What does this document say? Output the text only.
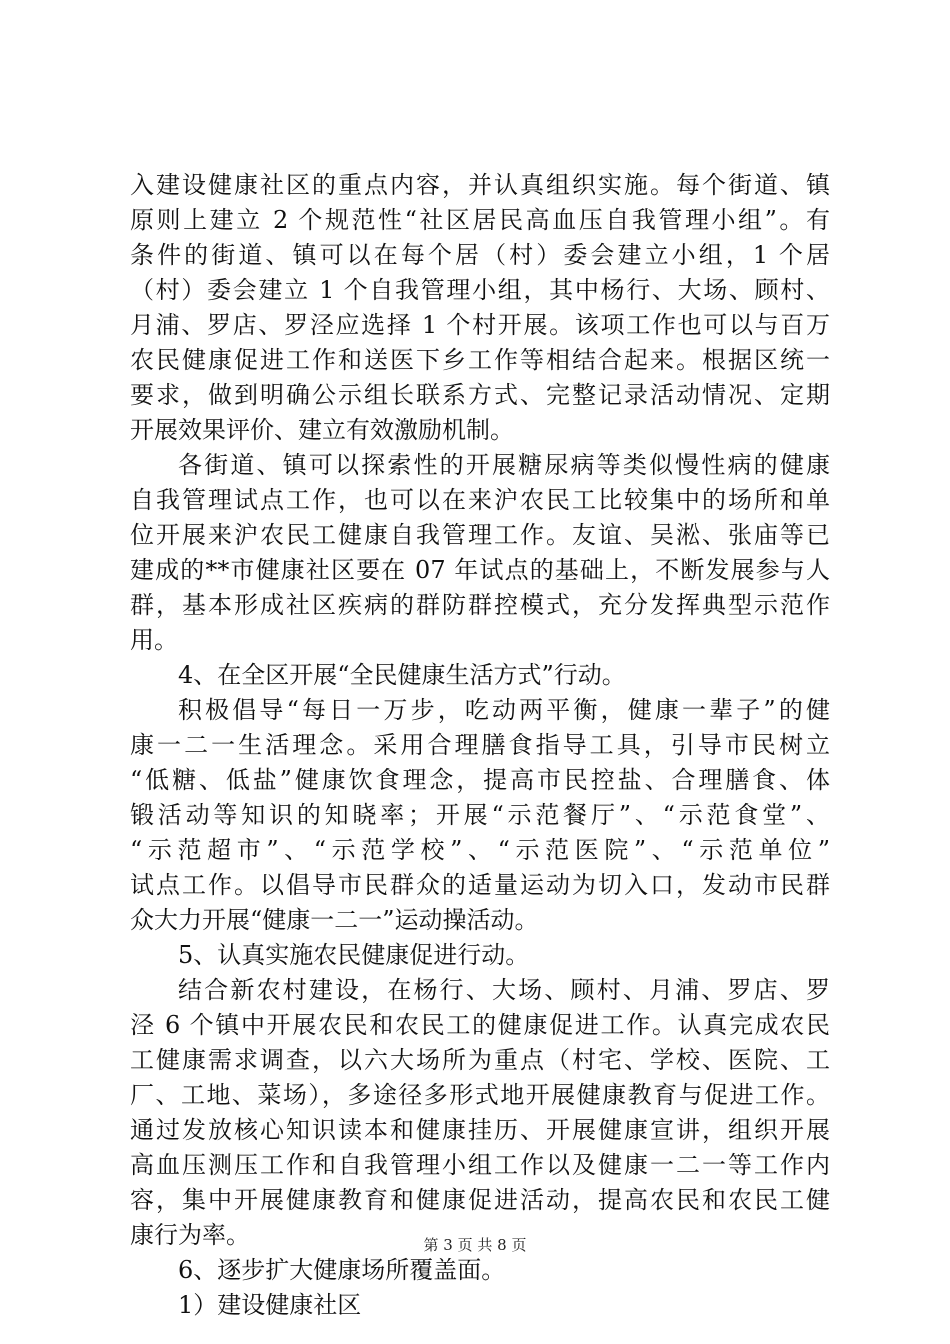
入建设健康社区的重点内容，并认真组织实施。每个街道、镇
原则上建立 2 个规范性“社区居民高血压自我管理小组”。有
条件的街道、镇可以在每个居（村）委会建立小组，1 个居
（村）委会建立 1 个自我管理小组，其中杨行、大场、顾村、
月浦、罗店、罗泾应选择 1 个村开展。该项工作也可以与百万
农民健康促进工作和送医下乡工作等相结合起来。根据区统一
要求，做到明确公示组长联系方式、完整记录活动情况、定期
开展效果评价、建立有效激励机制。
各街道、镇可以探索性的开展糖尿病等类似慢性病的健康
自我管理试点工作，也可以在来沪农民工比较集中的场所和单
位开展来沪农民工健康自我管理工作。友谊、吴淞、张庙等已
建成的**市健康社区要在 07 年试点的基础上，不断发展参与人
群，基本形成社区疾病的群防群控模式，充分发挥典型示范作
用。
4、在全区开展“全民健康生活方式”行动。
积极倡导“每日一万步，吃动两平衡，健康一辈子”的健
康一二一生活理念。采用合理膳食指导工具，引导市民树立
“低糖、低盐”健康饮食理念，提高市民控盐、合理膳食、体
锻活动等知识的知晓率；开展“示范餐厅”、“示范食堂”、
“示范超市”、“示范学校”、“示范医院”、“示范单位”
试点工作。以倡导市民群众的适量运动为切入口，发动市民群
众大力开展“健康一二一”运动操活动。
5、认真实施农民健康促进行动。
结合新农村建设，在杨行、大场、顾村、月浦、罗店、罗
泾 6 个镇中开展农民和农民工的健康促进工作。认真完成农民
工健康需求调查，以六大场所为重点（村宅、学校、医院、工
厂、工地、菜场），多途径多形式地开展健康教育与促进工作。
通过发放核心知识读本和健康挂历、开展健康宣讲，组织开展
高血压测压工作和自我管理小组工作以及健康一二一等工作内
容，集中开展健康教育和健康促进活动，提高农民和农民工健
康行为率。
6、逐步扩大健康场所覆盖面。
1）建设健康社区
第 3 页 共 8 页
